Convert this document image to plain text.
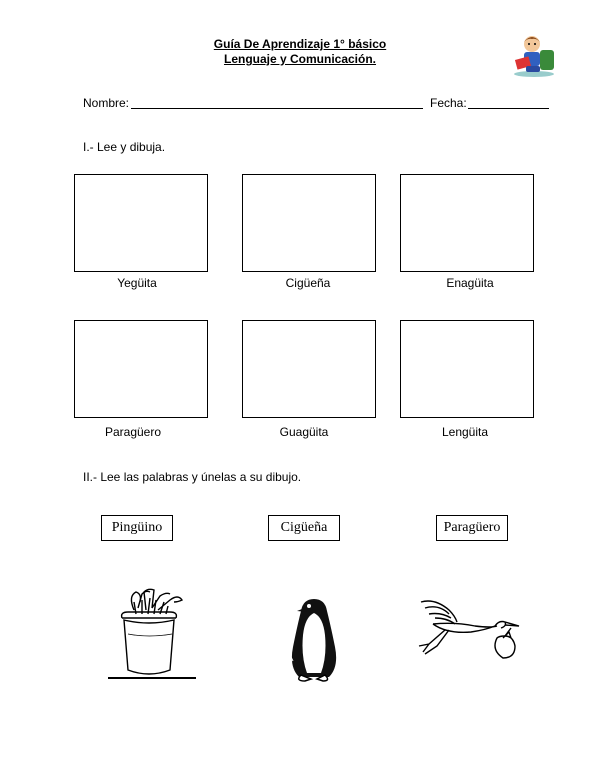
Guía De Aprendizaje 1° básico
Lenguaje y Comunicación.
Nombre:	Fecha:
I.- Lee y dibuja.
Yegüita	Cigüeña	Enagüita
Paragüero	Guagüita	Lengüita
II.- Lee las palabras y únelas a su dibujo.
Pingüino	Cigüeña	Paragüero
